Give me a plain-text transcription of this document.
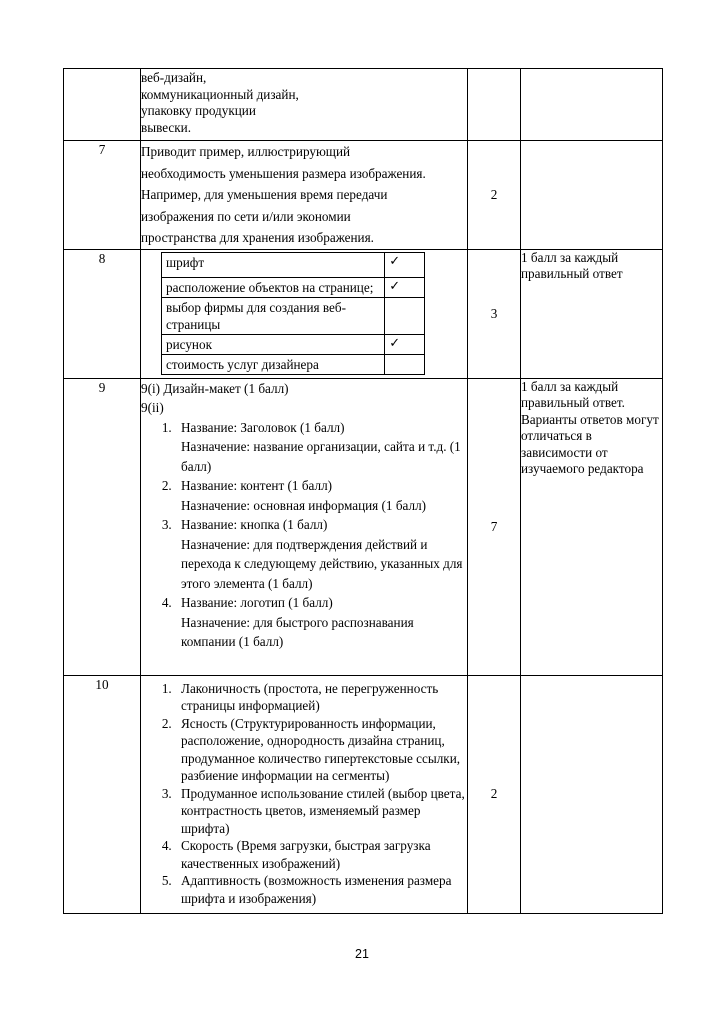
веб-дизайн,
коммуникационный дизайн,
упаковку продукции
вывески.

7	Приводит пример, иллюстрирующий
необходимость уменьшения размера изображения.
Например, для уменьшения время передачи
изображения по сети и/или экономии
пространства для хранения изображения.
	2	
8		шрифт	✓
расположение объектов на странице;	✓
выбор фирмы для создания веб-страницы	
рисунок	✓
стоимость услуг дизайнера	
	3	1 балл за каждый правильный ответ
9	9(i) Дизайн-макет (1 балл)
9(ii)
1. Название: Заголовок (1 балл)
Назначение: название организации, сайта и т.д. (1 балл)
2. Название: контент (1 балл)
Назначение: основная информация (1 балл)
3. Название: кнопка (1 балл)
Назначение: для подтверждения действий и перехода к следующему действию, указанных для этого элемента (1 балл)
4. Название: логотип (1 балл)
Назначение: для быстрого распознавания компании (1 балл)
	7	1 балл за каждый правильный ответ. Варианты ответов могут отличаться в зависимости от изучаемого редактора
10	
1.Лаконичность (простота, не перегруженность страницы информацией)
2. Ясность (Структурированность информации, расположение, однородность дизайна страниц, продуманное количество гипертекстовые ссылки, разбиение информации на сегменты)
3. Продуманное использование стилей (выбор цвета, контрастность цветов, изменяемый размер шрифта)
4. Скорость (Время загрузки, быстрая загрузка качественных изображений)
5. Адаптивность (возможность изменения размера шрифта и изображения)
	2	
21
